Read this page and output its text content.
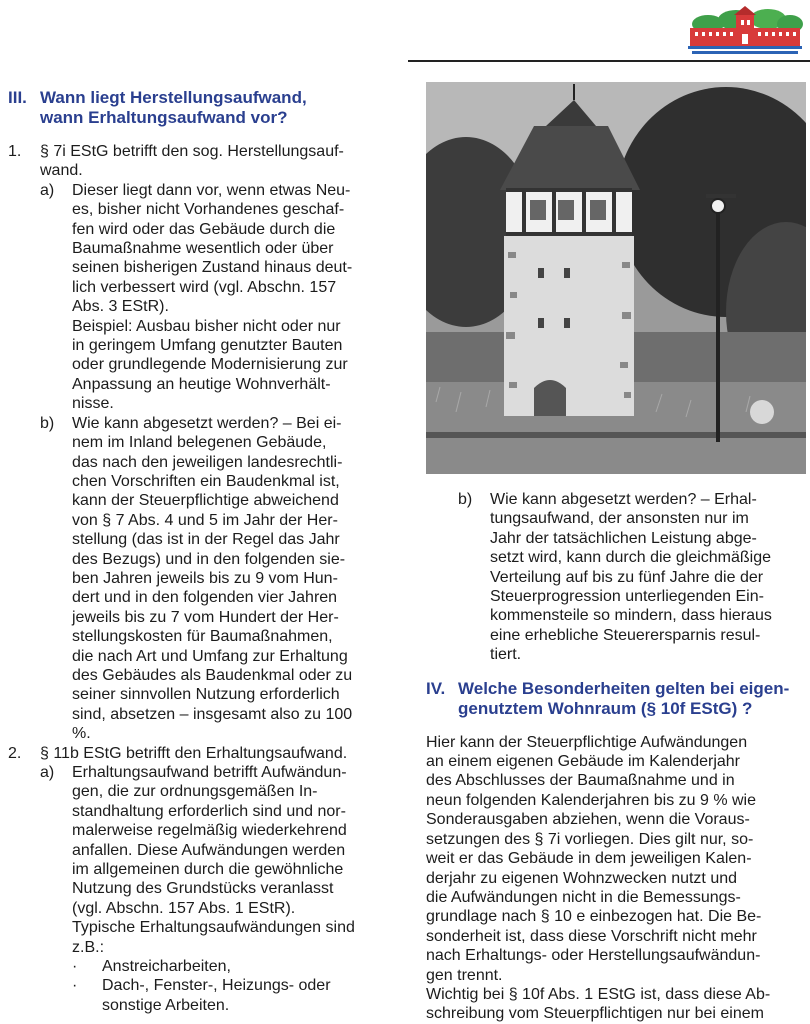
III. Wann liegt Herstellungsaufwand,
wann Erhaltungsaufwand vor?
1.	§ 7i EStG betrifft den sog. Herstellungsauf-
wand.
a)	Dieser liegt dann vor, wenn etwas Neu-
es, bisher nicht Vorhandenes geschaf-
fen wird oder das Gebäude durch die
Baumaßnahme wesentlich oder über
seinen bisherigen Zustand hinaus deut-
lich verbessert wird (vgl. Abschn. 157
Abs. 3 EStR).
Beispiel: Ausbau bisher nicht oder nur
in geringem Umfang genutzter Bauten
oder grundlegende Modernisierung zur
Anpassung an heutige Wohnverhält-
nisse.
b)	Wie kann abgesetzt werden? – Bei ei-
nem im Inland belegenen Gebäude,
das nach den jeweiligen landesrechtli-
chen Vorschriften ein Baudenkmal ist,
kann der Steuerpflichtige abweichend
von § 7 Abs. 4 und 5 im Jahr der Her-
stellung (das ist in der Regel das Jahr
des Bezugs) und in den folgenden sie-
ben Jahren jeweils bis zu 9 vom Hun-
dert und in den folgenden vier Jahren
jeweils bis zu 7 vom Hundert der Her-
stellungskosten für Baumaßnahmen,
die nach Art und Umfang zur Erhaltung
des Gebäudes als Baudenkmal oder zu
seiner sinnvollen Nutzung erforderlich
sind, absetzen – insgesamt also zu 100
%.
2.	§ 11b EStG betrifft den Erhaltungsaufwand.
a)	Erhaltungsaufwand betrifft Aufwändun-
gen, die zur ordnungsgemäßen In-
standhaltung erforderlich sind und nor-
malerweise regelmäßig wiederkehrend
anfallen. Diese Aufwändungen werden
im allgemeinen durch die gewöhnliche
Nutzung des Grundstücks veranlasst
(vgl. Abschn. 157 Abs. 1 EStR).
Typische Erhaltungsaufwändungen sind
z.B.:
·	Anstreicharbeiten,
·	Dach-, Fenster-, Heizungs- oder
sonstige Arbeiten.
b)	Wie kann abgesetzt werden? – Erhal-
tungsaufwand, der ansonsten nur im
Jahr der tatsächlichen Leistung abge-
setzt wird, kann durch die gleichmäßige
Verteilung auf bis zu fünf Jahre die der
Steuerprogression unterliegenden Ein-
kommensteile so mindern, dass hieraus
eine erhebliche Steuerersparnis resul-
tiert.
IV. Welche Besonderheiten gelten bei eigen-
genutztem Wohnraum (§ 10f EStG) ?
Hier kann der Steuerpflichtige Aufwändungen
an einem eigenen Gebäude im Kalenderjahr
des Abschlusses der Baumaßnahme und in
neun folgenden Kalenderjahren bis zu 9 % wie
Sonderausgaben abziehen, wenn die Voraus-
setzungen des § 7i vorliegen. Dies gilt nur, so-
weit er das Gebäude in dem jeweiligen Kalen-
derjahr zu eigenen Wohnzwecken nutzt und
die Aufwändungen nicht in die Bemessungs-
grundlage nach § 10 e einbezogen hat. Die Be-
sonderheit ist, dass diese Vorschrift nicht mehr
nach Erhaltungs- oder Herstellungsaufwändun-
gen trennt.
Wichtig bei § 10f Abs. 1 EStG ist, dass diese Ab-
schreibung vom Steuerpflichtigen nur bei einem
